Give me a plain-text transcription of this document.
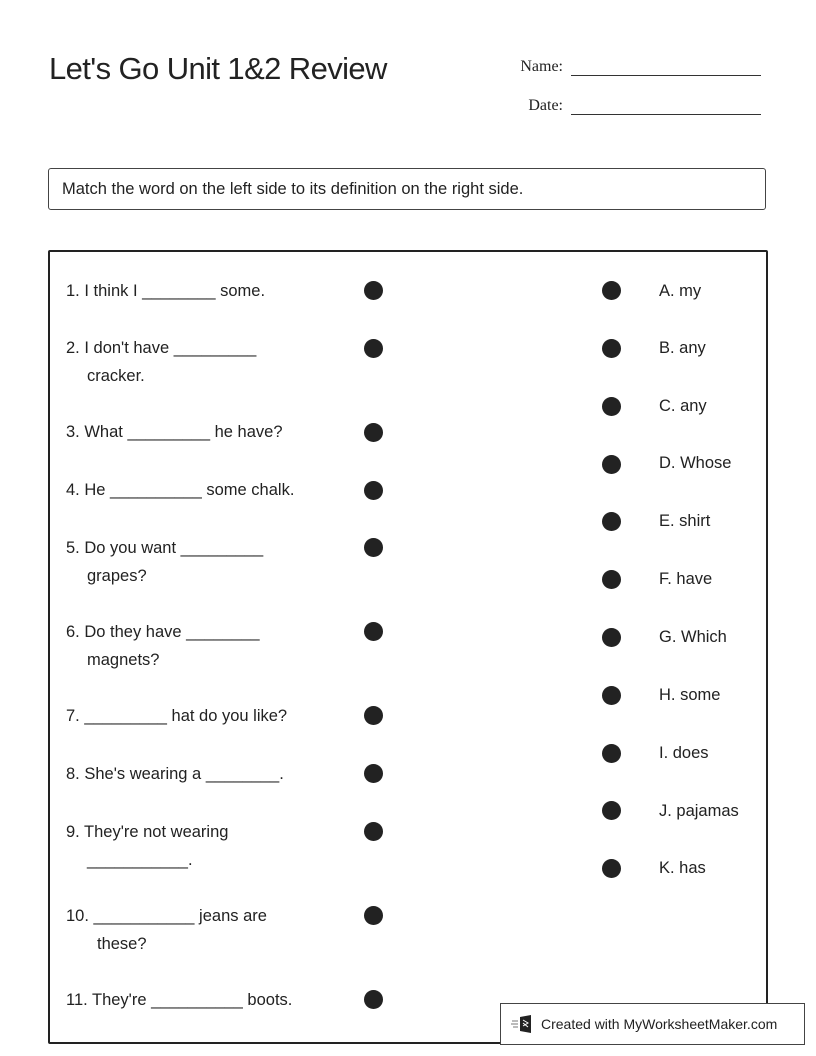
Let's Go Unit 1&2 Review	Name:
Date:
Match the word on the left side to its definition on the right side.
1. I think I ________ some.
2. I don't have _________
cracker.
3. What _________ he have?
4. He __________ some chalk.
5. Do you want _________
grapes?
6. Do they have ________
magnets?
7. _________ hat do you like?
8. She's wearing a ________.
9. They're not wearing
___________.
10. ___________ jeans are
these?
11. They're __________ boots.
A. my
B. any
C. any
D. Whose
E. shirt
F. have
G. Which
H. some
I. does
J. pajamas
K. has
Created with MyWorksheetMaker.com
